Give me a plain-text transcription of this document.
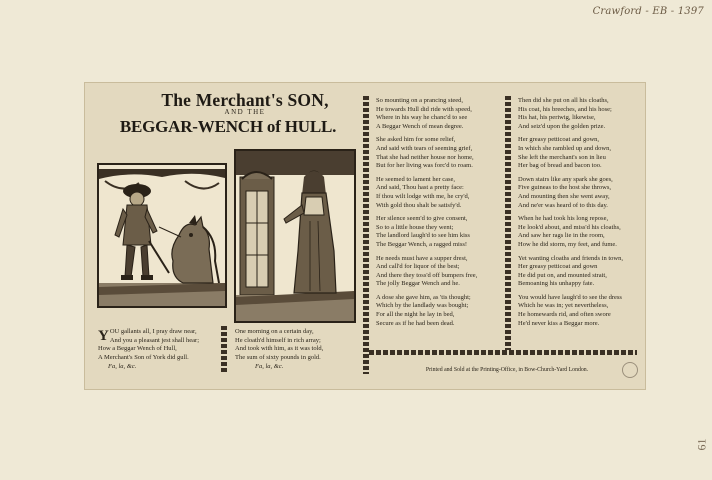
Crawford - EB - 1397
61
The Merchant's SON,
AND THE
BEGGAR-WENCH of HULL.
Y OU gallants all, I pray draw near,

And you a pleasant jest shall hear;

How a Beggar Wench of Hull,

A Merchant's Son of York did gull.

Fa, la, &c.

One morning on a certain day,

He cloath'd himself in rich array;

And took with him, as it was told,

The sum of sixty pounds in gold.

Fa, la, &c.

So mounting on a prancing steed,

He towards Hull did ride with speed,

Where in his way he chanc'd to see

A Beggar Wench of mean degree.

She asked him for some relief,

And said with tears of seeming grief,

That she had neither house nor home,

But for her living was forc'd to roam.

He seemed to lament her case,

And said, Thou hast a pretty face:

If thou wilt lodge with me, he cry'd,

With gold thou shalt be satisfy'd.

Her silence seem'd to give consent,

So to a little house they went;

The landlord laugh'd to see him kiss

The Beggar Wench, a ragged miss!

He needs must have a supper drest,

And call'd for liquor of the best;

And there they toss'd off bumpers free,

The jolly Beggar Wench and he.

A dose she gave him, as 'tis thought;

Which by the landlady was bought;

For all the night he lay in bed,

Secure as if he had been dead.

Then did she put on all his cloaths,

His coat, his breeches, and his hose;

His hat, his periwig, likewise,

And seiz'd upon the golden prize.

Her greasy petticoat and gown,

In which she rambled up and down,

She left the merchant's son in lieu

Her bag of bread and bacon too.

Down stairs like any spark she goes,

Five guineas to the host she throws,

And mounting then she went away,

And ne'er was heard of to this day.

When he had took his long repose,

He look'd about, and miss'd his cloaths,

And saw her rags lie in the room,

How he did storm, my feet, and fume.

Yet wanting cloaths and friends in town,

Her greasy petticoat and gown

He did put on, and mounted strait,

Bemoaning his unhappy fate.

You would have laugh'd to see the dress

Which he was in; yet nevertheless,

He homewards rid, and often swore

He'd never kiss a Beggar more.

Printed and Sold at the Printing-Office, in Bow-Church-Yard London.
